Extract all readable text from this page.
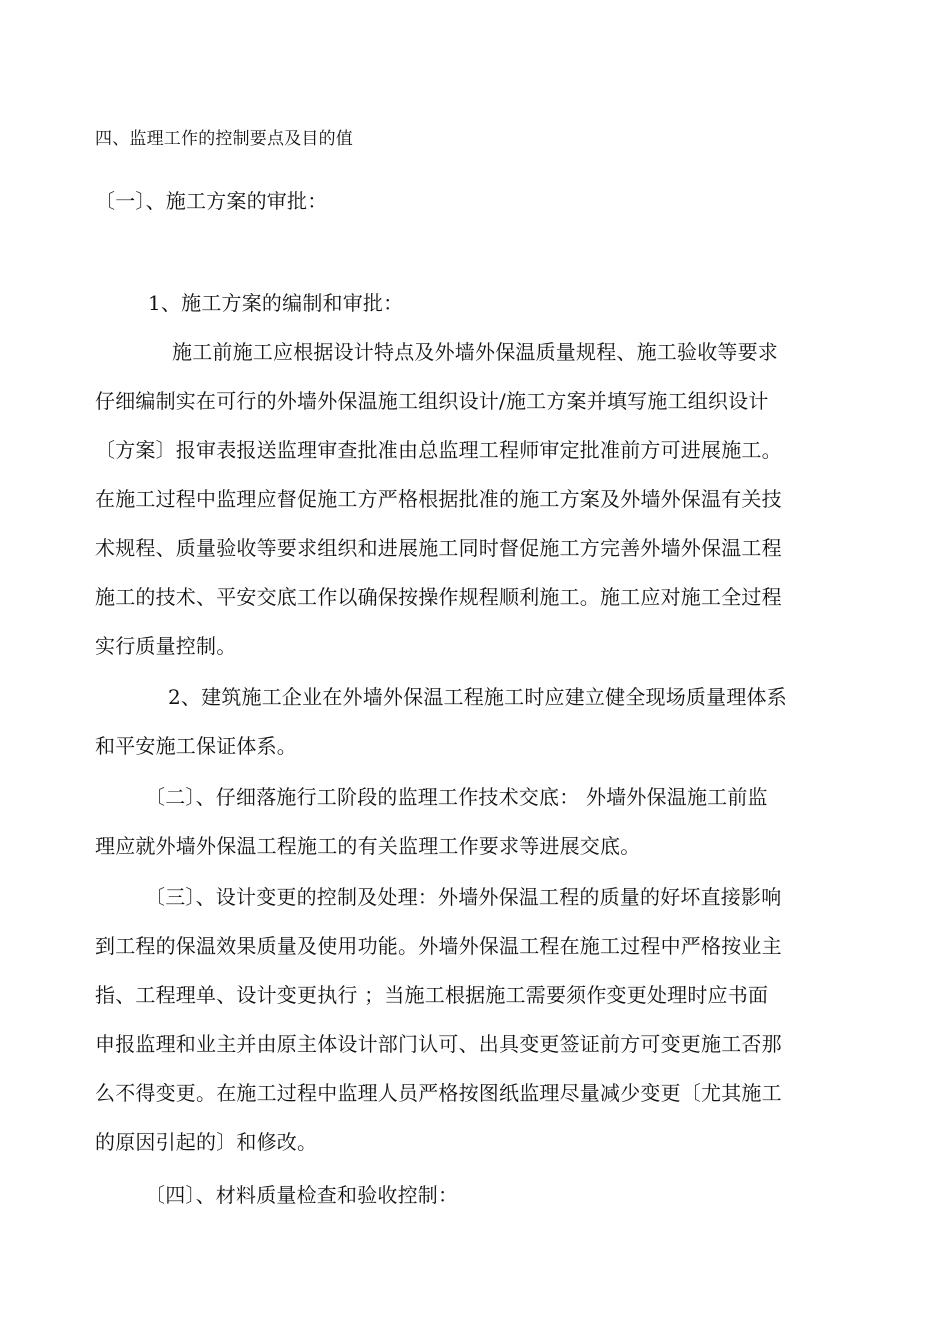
四、监理工作的控制要点及目的值
〔一〕、施工方案的审批：
1、施工方案的编制和审批：
施工前施工应根据设计特点及外墙外保温质量规程、施工验收等要求
仔细编制实在可行的外墙外保温施工组织设计/施工方案并填写施工组织设计
〔方案〕报审表报送监理审查批准由总监理工程师审定批准前方可进展施工。
在施工过程中监理应督促施工方严格根据批准的施工方案及外墙外保温有关技
术规程、质量验收等要求组织和进展施工同时督促施工方完善外墙外保温工程
施工的技术、平安交底工作以确保按操作规程顺利施工。施工应对施工全过程
实行质量控制。
2、建筑施工企业在外墙外保温工程施工时应建立健全现场质量理体系
和平安施工保证体系。
〔二〕、仔细落施行工阶段的监理工作技术交底： 外墙外保温施工前监
理应就外墙外保温工程施工的有关监理工作要求等进展交底。
〔三〕、设计变更的控制及处理：外墙外保温工程的质量的好坏直接影响
到工程的保温效果质量及使用功能。外墙外保温工程在施工过程中严格按业主
指、工程理单、设计变更执行 ；当施工根据施工需要须作变更处理时应书面
申报监理和业主并由原主体设计部门认可、出具变更签证前方可变更施工否那
么不得变更。在施工过程中监理人员严格按图纸监理尽量减少变更〔尤其施工
的原因引起的〕和修改。
〔四〕、材料质量检查和验收控制：
